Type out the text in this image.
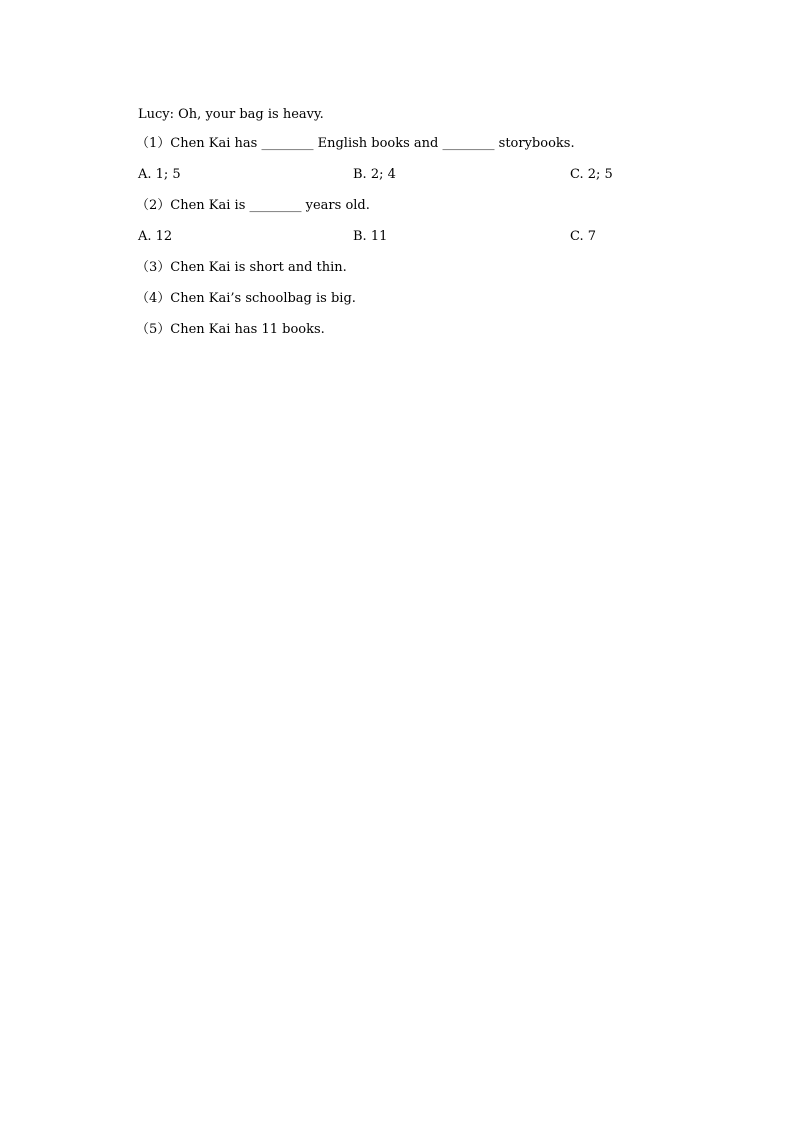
Lucy: Oh, your bag is heavy.
（1）Chen Kai has ________ English books and ________ storybooks.
A. 1; 5	B. 2; 4	C. 2; 5
（2）Chen Kai is ________ years old.
A. 12	B. 11	C. 7
（3）Chen Kai is short and thin.
（4）Chen Kai’s schoolbag is big.
（5）Chen Kai has 11 books.
